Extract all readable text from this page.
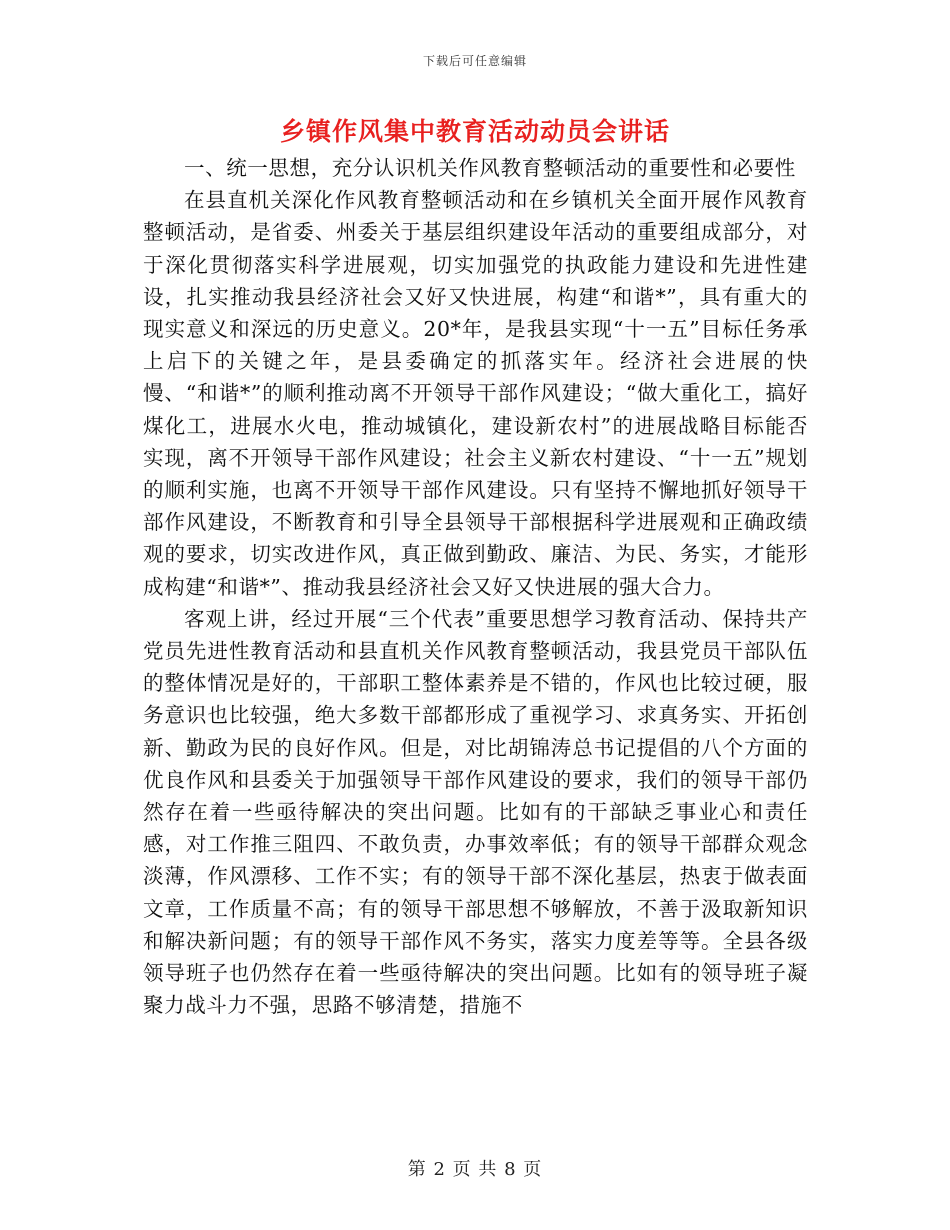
下载后可任意编辑
乡镇作风集中教育活动动员会讲话

一、统一思想，充分认识机关作风教育整顿活动的重要性和必要性

在县直机关深化作风教育整顿活动和在乡镇机关全面开展作风教育整顿活动，是省委、州委关于基层组织建设年活动的重要组成部分，对于深化贯彻落实科学进展观，切实加强党的执政能力建设和先进性建设，扎实推动我县经济社会又好又快进展，构建“和谐*”，具有重大的现实意义和深远的历史意义。20*年，是我县实现“十一五”目标任务承上启下的关键之年，是县委确定的抓落实年。经济社会进展的快慢、“和谐*”的顺利推动离不开领导干部作风建设；“做大重化工，搞好煤化工，进展水火电，推动城镇化，建设新农村”的进展战略目标能否实现，离不开领导干部作风建设；社会主义新农村建设、“十一五”规划的顺利实施，也离不开领导干部作风建设。只有坚持不懈地抓好领导干部作风建设，不断教育和引导全县领导干部根据科学进展观和正确政绩观的要求，切实改进作风，真正做到勤政、廉洁、为民、务实，才能形成构建“和谐*”、推动我县经济社会又好又快进展的强大合力。

客观上讲，经过开展“三个代表”重要思想学习教育活动、保持共产党员先进性教育活动和县直机关作风教育整顿活动，我县党员干部队伍的整体情况是好的，干部职工整体素养是不错的，作风也比较过硬，服务意识也比较强，绝大多数干部都形成了重视学习、求真务实、开拓创新、勤政为民的良好作风。但是，对比胡锦涛总书记提倡的八个方面的优良作风和县委关于加强领导干部作风建设的要求，我们的领导干部仍然存在着一些亟待解决的突出问题。比如有的干部缺乏事业心和责任感，对工作推三阻四、不敢负责，办事效率低；有的领导干部群众观念淡薄，作风漂移、工作不实；有的领导干部不深化基层，热衷于做表面文章，工作质量不高；有的领导干部思想不够解放，不善于汲取新知识和解决新问题；有的领导干部作风不务实，落实力度差等等。全县各级领导班子也仍然存在着一些亟待解决的突出问题。比如有的领导班子凝聚力战斗力不强，思路不够清楚，措施不

第 2 页 共 8 页
